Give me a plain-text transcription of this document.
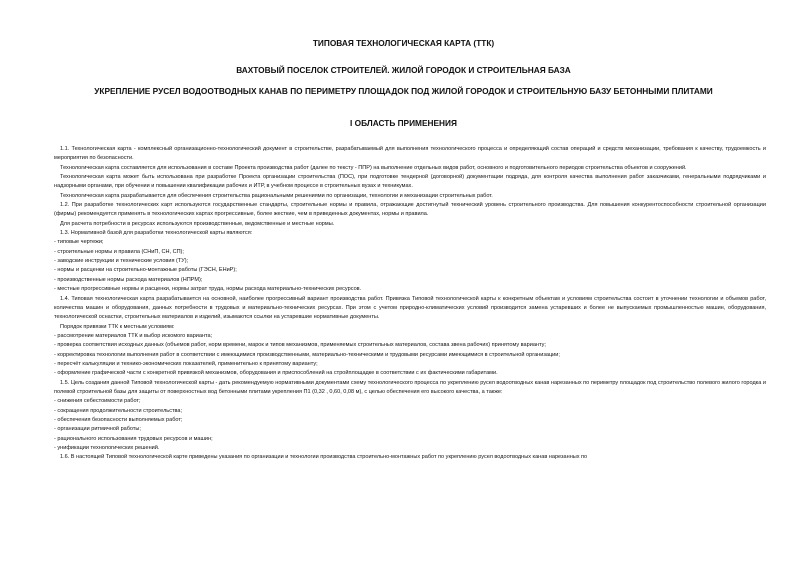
ТИПОВАЯ ТЕХНОЛОГИЧЕСКАЯ КАРТА (ТТК)
ВАХТОВЫЙ ПОСЕЛОК СТРОИТЕЛЕЙ. ЖИЛОЙ ГОРОДОК И СТРОИТЕЛЬНАЯ БАЗА
УКРЕПЛЕНИЕ РУСЕЛ ВОДООТВОДНЫХ КАНАВ ПО ПЕРИМЕТРУ ПЛОЩАДОК ПОД ЖИЛОЙ ГОРОДОК И СТРОИТЕЛЬНУЮ БАЗУ БЕТОННЫМИ ПЛИТАМИ
I ОБЛАСТЬ ПРИМЕНЕНИЯ

1.1. Технологическая карта - комплексный организационно-технологический документ в строительстве, разрабатываемый для выполнения технологического процесса и определяющий состав операций и средств механизации, требования к качеству, трудоемкость и мероприятия по безопасности.

Технологическая карта составляется для использования в составе Проекта производства работ (далее по тексту - ППР) на выполнение отдельных видов работ, основного и подготовительного периодов строительства объектов и сооружений.

Технологическая карта может быть использована при разработке Проекта организации строительства (ПОС), при подготовке тендерной (договорной) документации подряда, для контроля качества выполнения работ заказчиками, генеральными подрядчиками и надзорными органами, при обучении и повышении квалификации рабочих и ИТР, в учебном процессе в строительных вузах и техникумах.

Технологическая карта разрабатывается для обеспечения строительства рациональными решениями по организации, технологии и механизации строительных работ.

1.2. При разработке технологических карт используются государственные стандарты, строительные нормы и правила, отражающие достигнутый технический уровень строительного производства. Для повышения конкурентоспособности строительной организации (фирмы) рекомендуется применять в технологических картах прогрессивные, более жесткие, чем в приведенных документах, нормы и правила.

Для расчета потребности в ресурсах используются производственные, ведомственные и местные нормы.

1.3. Нормативной базой для разработки технологической карты являются:

- типовые чертежи;

- строительные нормы и правила (СНиП, СН, СП);

- заводские инструкции и технические условия (ТУ);

- нормы и расценки на строительно-монтажные работы (ГЭСН, ЕНиР);

- производственные нормы расхода материалов (НПРМ);

- местные прогрессивные нормы и расценки, нормы затрат труда, нормы расхода материально-технических ресурсов.

1.4. Типовая технологическая карта разрабатывается на основной, наиболее прогрессивный вариант производства работ. Привязка Типовой технологической карты к конкретным объектам и условиям строительства состоит в уточнении технологии и объемов работ, количества машин и оборудования, данных потребности в трудовых и материально-технических ресурсах. При этом с учетом природно-климатических условий производится замена устаревших и более не выпускаемых промышленностью машин, оборудования, технологической оснастки, строительных материалов и изделий, изымаются ссылки на устаревшие нормативные документы.

Порядок привязки ТТК к местным условиям:

- рассмотрение материалов ТТК и выбор искомого варианта;

- проверка соответствия исходных данных (объемов работ, норм времени, марок и типов механизмов, применяемых строительных материалов, состава звена рабочих) принятому варианту;

- корректировка технологии выполнения работ в соответствии с имеющимися производственными, материально-техническими и трудовыми ресурсами имеющимися в строительной организации;

- пересчёт калькуляции и технико-экономических показателей, применительно к принятому варианту;

- оформление графической части с конкретной привязкой механизмов, оборудования и приспособлений на стройплощадке в соответствии с их фактическими габаритами.

1.5. Цель создания данной Типовой технологической карты - дать рекомендуемую нормативными документами схему технологического процесса по укреплению русел водоотводных канав нарезанных по периметру площадок под строительство полевого жилого городка и полевой строительной базы для защиты от поверхностных вод бетонными плитами укрепления П1 (0,32 , 0,60, 0,08 м), с целью обеспечения его высокого качества, а также:

- снижения себестоимости работ;

- сокращения продолжительности строительства;

- обеспечения безопасности выполняемых работ;

- организации ритмичной работы;

- рационального использования трудовых ресурсов и машин;

- унификации технологических решений.

1.6. В настоящей Типовой технологической карте приведены указания по организации и технологии производства строительно-монтажных работ по укреплению русел водоотводных канав нарезанных по
